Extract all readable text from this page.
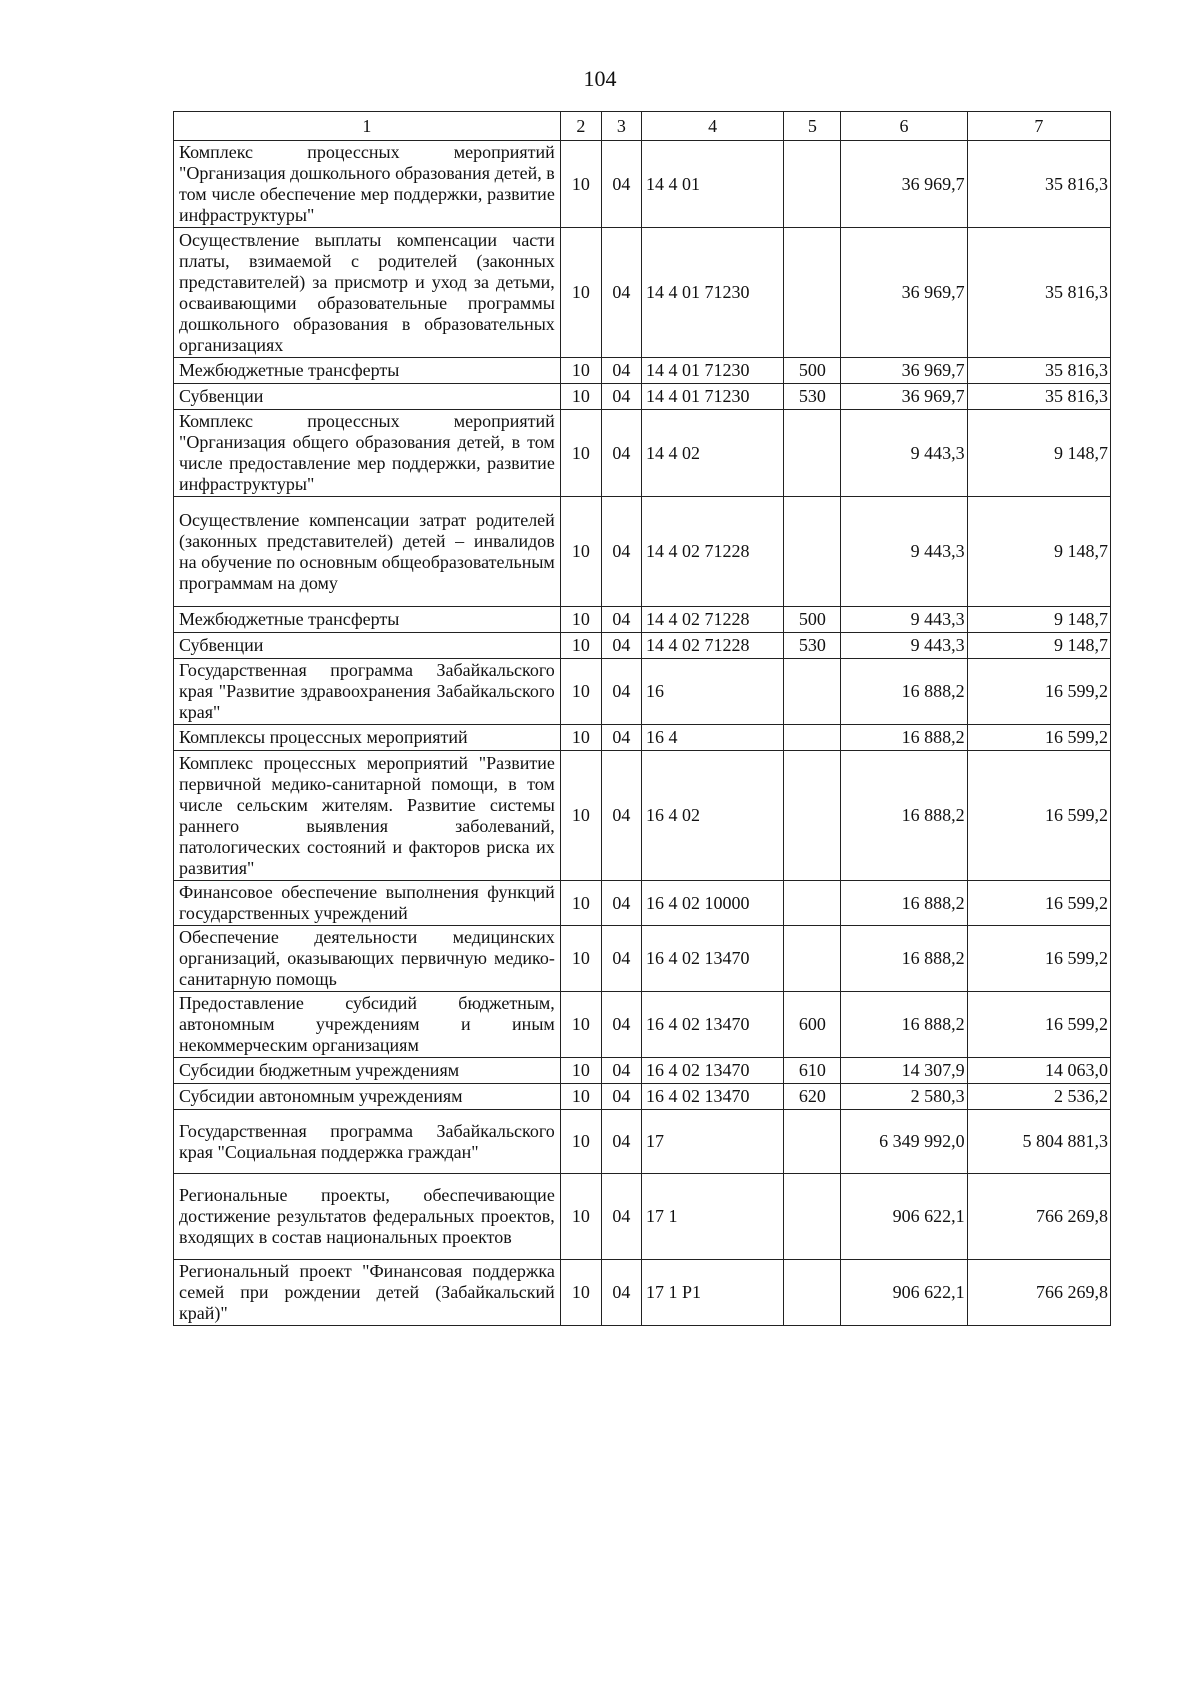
104
1	2	3	4	5	6	7
Комплекс процессных мероприятий "Организация дошкольного образования детей, в том числе обеспечение мер поддержки, развитие инфраструктуры"	10	04	14 4 01		36 969,7	35 816,3
Осуществление выплаты компенсации части платы, взимаемой с родителей (законных представителей) за присмотр и уход за детьми, осваивающими образовательные программы дошкольного образования в образовательных организациях	10	04	14 4 01 71230		36 969,7	35 816,3
Межбюджетные трансферты	10	04	14 4 01 71230	500	36 969,7	35 816,3
Субвенции	10	04	14 4 01 71230	530	36 969,7	35 816,3
Комплекс процессных мероприятий "Организация общего образования детей, в том числе предоставление мер поддержки, развитие инфраструктуры"	10	04	14 4 02		9 443,3	9 148,7
Осуществление компенсации затрат родителей (законных представителей) детей – инвалидов на обучение по основным общеобразовательным программам на дому	10	04	14 4 02 71228		9 443,3	9 148,7
Межбюджетные трансферты	10	04	14 4 02 71228	500	9 443,3	9 148,7
Субвенции	10	04	14 4 02 71228	530	9 443,3	9 148,7
Государственная программа Забайкальского края "Развитие здравоохранения Забайкальского края"	10	04	16		16 888,2	16 599,2
Комплексы процессных мероприятий	10	04	16 4		16 888,2	16 599,2
Комплекс процессных мероприятий "Развитие первичной медико-санитарной помощи, в том числе сельским жителям. Развитие системы раннего выявления заболеваний, патологических состояний и факторов риска их развития"	10	04	16 4 02		16 888,2	16 599,2
Финансовое обеспечение выполнения функций государственных учреждений	10	04	16 4 02 10000		16 888,2	16 599,2
Обеспечение деятельности медицинских организаций, оказывающих первичную медико-санитарную помощь	10	04	16 4 02 13470		16 888,2	16 599,2
Предоставление субсидий бюджетным, автономным учреждениям и иным некоммерческим организациям	10	04	16 4 02 13470	600	16 888,2	16 599,2
Субсидии бюджетным учреждениям	10	04	16 4 02 13470	610	14 307,9	14 063,0
Субсидии автономным учреждениям	10	04	16 4 02 13470	620	2 580,3	2 536,2
Государственная программа Забайкальского края "Социальная поддержка граждан"	10	04	17		6 349 992,0	5 804 881,3
Региональные проекты, обеспечивающие достижение результатов федеральных проектов, входящих в состав национальных проектов	10	04	17 1		906 622,1	766 269,8
Региональный проект "Финансовая поддержка семей при рождении детей (Забайкальский край)"	10	04	17 1 P1		906 622,1	766 269,8
